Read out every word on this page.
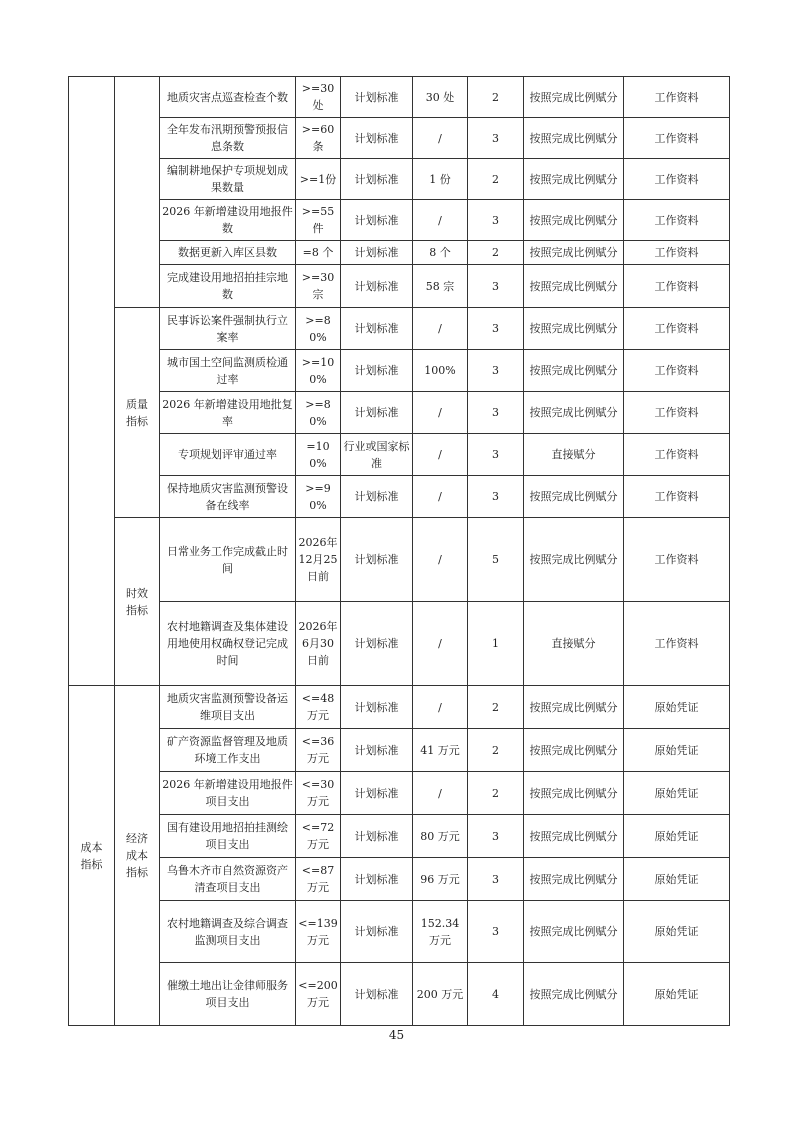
		地质灾害点巡查检查个数	>=30处	计划标准	30 处	2	按照完成比例赋分	工作资料
		全年发布汛期预警预报信息条数	>=60条	计划标准	/	3	按照完成比例赋分	工作资料
		编制耕地保护专项规划成果数量	>=1份	计划标准	1 份	2	按照完成比例赋分	工作资料
		2026 年新增建设用地报件数	>=55件	计划标准	/	3	按照完成比例赋分	工作资料
		数据更新入库区县数	=8 个	计划标准	8 个	2	按照完成比例赋分	工作资料
		完成建设用地招拍挂宗地数	>=30宗	计划标准	58 宗	3	按照完成比例赋分	工作资料
	质量指标	民事诉讼案件强制执行立案率	>=80%	计划标准	/	3	按照完成比例赋分	工作资料
		城市国土空间监测质检通过率	>=100%	计划标准	100%	3	按照完成比例赋分	工作资料
		2026 年新增建设用地批复率	>=80%	计划标准	/	3	按照完成比例赋分	工作资料
		专项规划评审通过率	=100%	行业或国家标准	/	3	直接赋分	工作资料
		保持地质灾害监测预警设备在线率	>=90%	计划标准	/	3	按照完成比例赋分	工作资料
	时效指标	日常业务工作完成截止时间	2026年12月25日前	计划标准	/	5	按照完成比例赋分	工作资料
		农村地籍调查及集体建设用地使用权确权登记完成时间	2026年6月30日前	计划标准	/	1	直接赋分	工作资料
成本指标	经济成本指标	地质灾害监测预警设备运维项目支出	<=48万元	计划标准	/	2	按照完成比例赋分	原始凭证
		矿产资源监督管理及地质环境工作支出	<=36万元	计划标准	41 万元	2	按照完成比例赋分	原始凭证
		2026 年新增建设用地报件项目支出	<=30万元	计划标准	/	2	按照完成比例赋分	原始凭证
		国有建设用地招拍挂测绘项目支出	<=72万元	计划标准	80 万元	3	按照完成比例赋分	原始凭证
		乌鲁木齐市自然资源资产清查项目支出	<=87万元	计划标准	96 万元	3	按照完成比例赋分	原始凭证
		农村地籍调查及综合调查监测项目支出	<=139万元	计划标准	152.34 万元	3	按照完成比例赋分	原始凭证
		催缴土地出让金律师服务项目支出	<=200万元	计划标准	200 万元	4	按照完成比例赋分	原始凭证
45
